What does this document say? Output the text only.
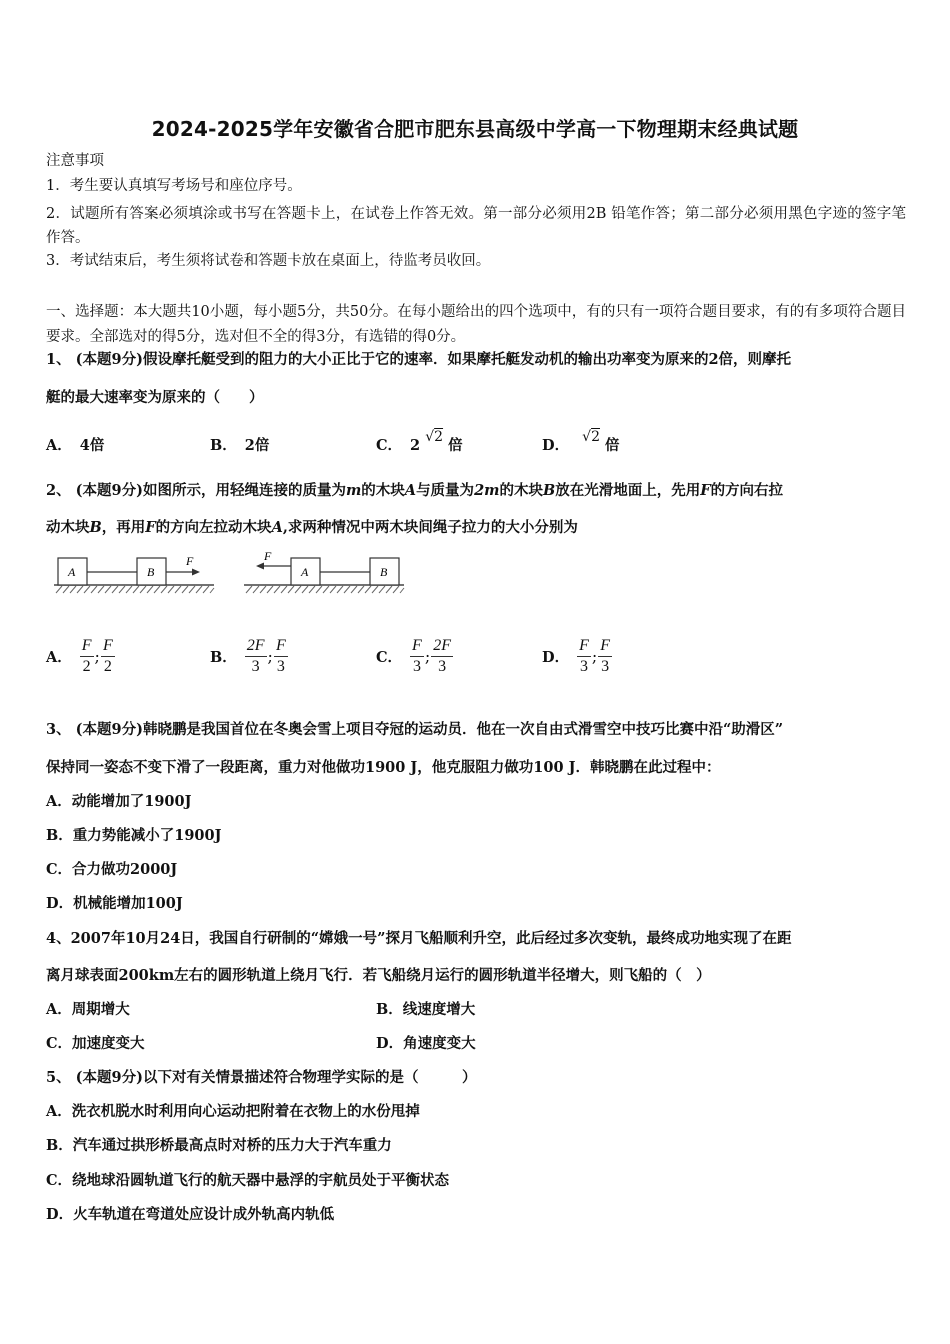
2024-2025学年安徽省合肥市肥东县高级中学高一下物理期末经典试题
注意事项
1．考生要认真填写考场号和座位序号。
2．试题所有答案必须填涂或书写在答题卡上，在试卷上作答无效。第一部分必须用2B 铅笔作答；第二部分必须用黑色字迹的签字笔作答。
3．考试结束后，考生须将试卷和答题卡放在桌面上，待监考员收回。
一、选择题：本大题共10小题，每小题5分，共50分。在每小题给出的四个选项中，有的只有一项符合题目要求，有的有多项符合题目要求。全部选对的得5分，选对但不全的得3分，有选错的得0分。
1、 (本题9分)假设摩托艇受到的阻力的大小正比于它的速率．如果摩托艇发动机的输出功率变为原来的2倍，则摩托
艇的最大速率变为原来的（　　）
A． 4倍	B． 2倍	C． 2 √2 倍	D． √2 倍
2、 (本题9分)如图所示，用轻绳连接的质量为m的木块A与质量为2m的木块B放在光滑地面上，先用F的方向右拉
动木块B，再用F的方向左拉动木块A,求两种情况中两木块间绳子拉力的大小分别为
A	B
F	F
A	B
A． $\frac{F}{2}$ ; $\frac{F}{2}$	B． $\frac{2F}{3}$ ; $\frac{F}{3}$	C． $\frac{F}{3}$ ; $\frac{2F}{3}$	D． $\frac{F}{3}$ ; $\frac{F}{3}$
3、 (本题9分)韩晓鹏是我国首位在冬奥会雪上项目夺冠的运动员．他在一次自由式滑雪空中技巧比赛中沿“助滑区”
保持同一姿态不变下滑了一段距离，重力对他做功1900 J，他克服阻力做功100 J．韩晓鹏在此过程中：
A．动能增加了1900J
B．重力势能减小了1900J
C．合力做功2000J
D．机械能增加100J
4、2007年10月24日，我国自行研制的“嫦娥一号”探月飞船顺利升空，此后经过多次变轨，最终成功地实现了在距
离月球表面200km左右的圆形轨道上绕月飞行．若飞船绕月运行的圆形轨道半径增大，则飞船的（　）
A．周期增大	B．线速度增大
C．加速度变大	D．角速度变大
5、 (本题9分)以下对有关情景描述符合物理学实际的是（　　　）
A．洗衣机脱水时利用向心运动把附着在衣物上的水份甩掉
B．汽车通过拱形桥最高点时对桥的压力大于汽车重力
C．绕地球沿圆轨道飞行的航天器中悬浮的宇航员处于平衡状态
D．火车轨道在弯道处应设计成外轨高内轨低
